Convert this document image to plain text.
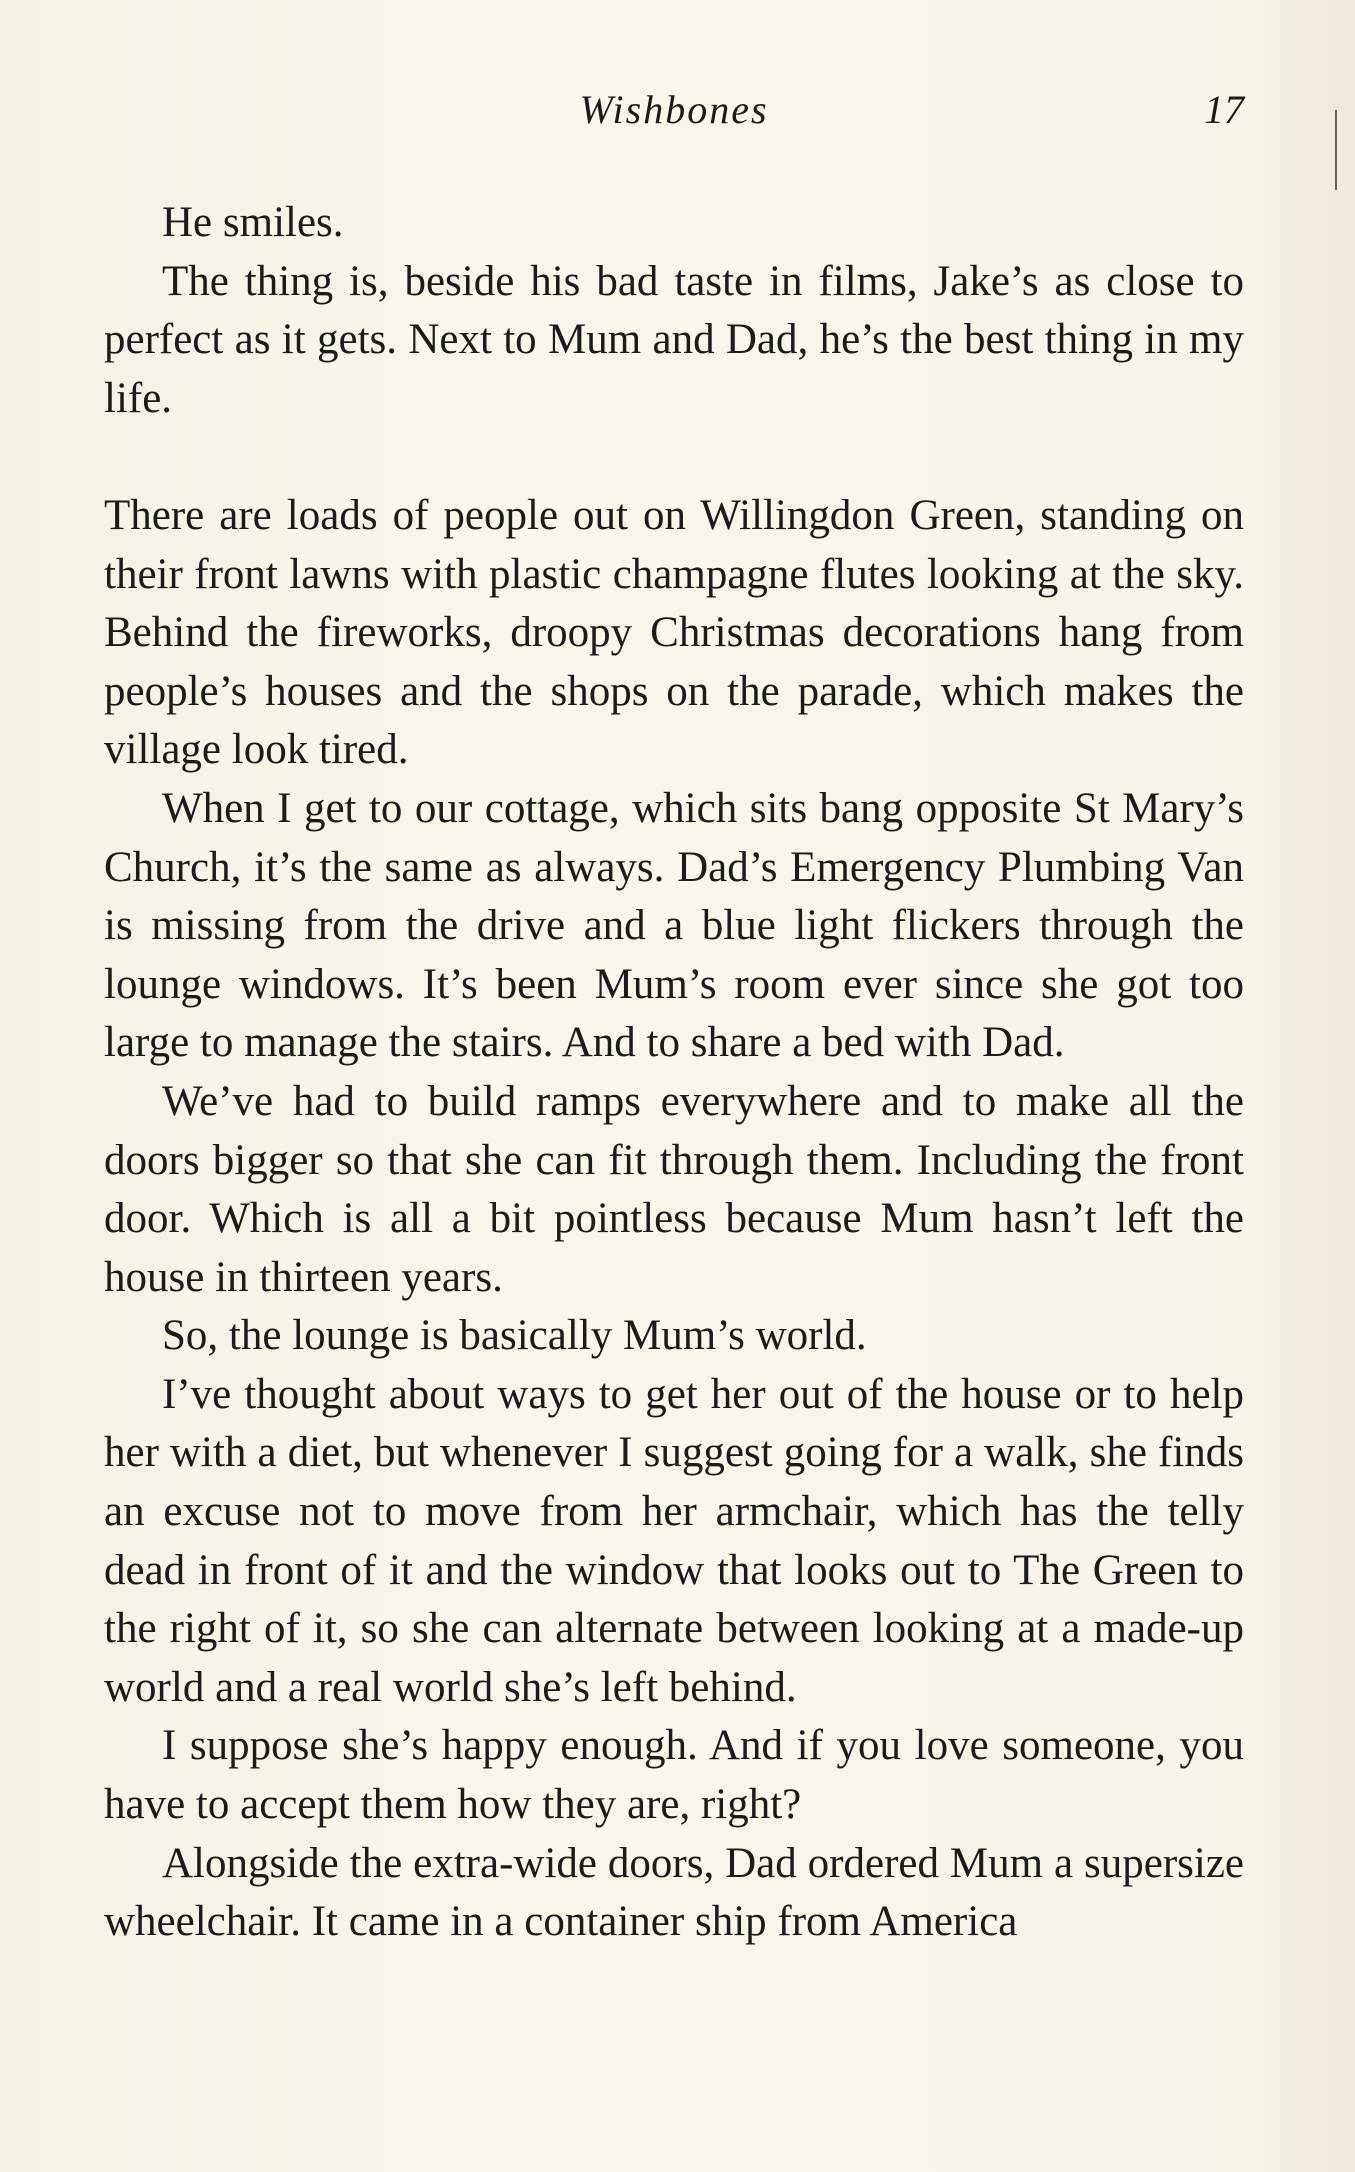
Wishbones	17

He smiles.

The thing is, beside his bad taste in films, Jake’s as close to perfect as it gets. Next to Mum and Dad, he’s the best thing in my life.

There are loads of people out on Willingdon Green, standing on their front lawns with plastic champagne flutes looking at the sky. Behind the fireworks, droopy Christmas decorations hang from people’s houses and the shops on the parade, which makes the village look tired.

When I get to our cottage, which sits bang opposite St Mary’s Church, it’s the same as always. Dad’s Emergency Plumbing Van is missing from the drive and a blue light flickers through the lounge windows. It’s been Mum’s room ever since she got too large to manage the stairs. And to share a bed with Dad.

We’ve had to build ramps everywhere and to make all the doors bigger so that she can fit through them. Including the front door. Which is all a bit pointless because Mum hasn’t left the house in thirteen years.

So, the lounge is basically Mum’s world.

I’ve thought about ways to get her out of the house or to help her with a diet, but whenever I suggest going for a walk, she finds an excuse not to move from her armchair, which has the telly dead in front of it and the window that looks out to The Green to the right of it, so she can alternate between looking at a made-up world and a real world she’s left behind.

I suppose she’s happy enough. And if you love someone, you have to accept them how they are, right?

Alongside the extra-wide doors, Dad ordered Mum a supersize wheelchair. It came in a container ship from America
